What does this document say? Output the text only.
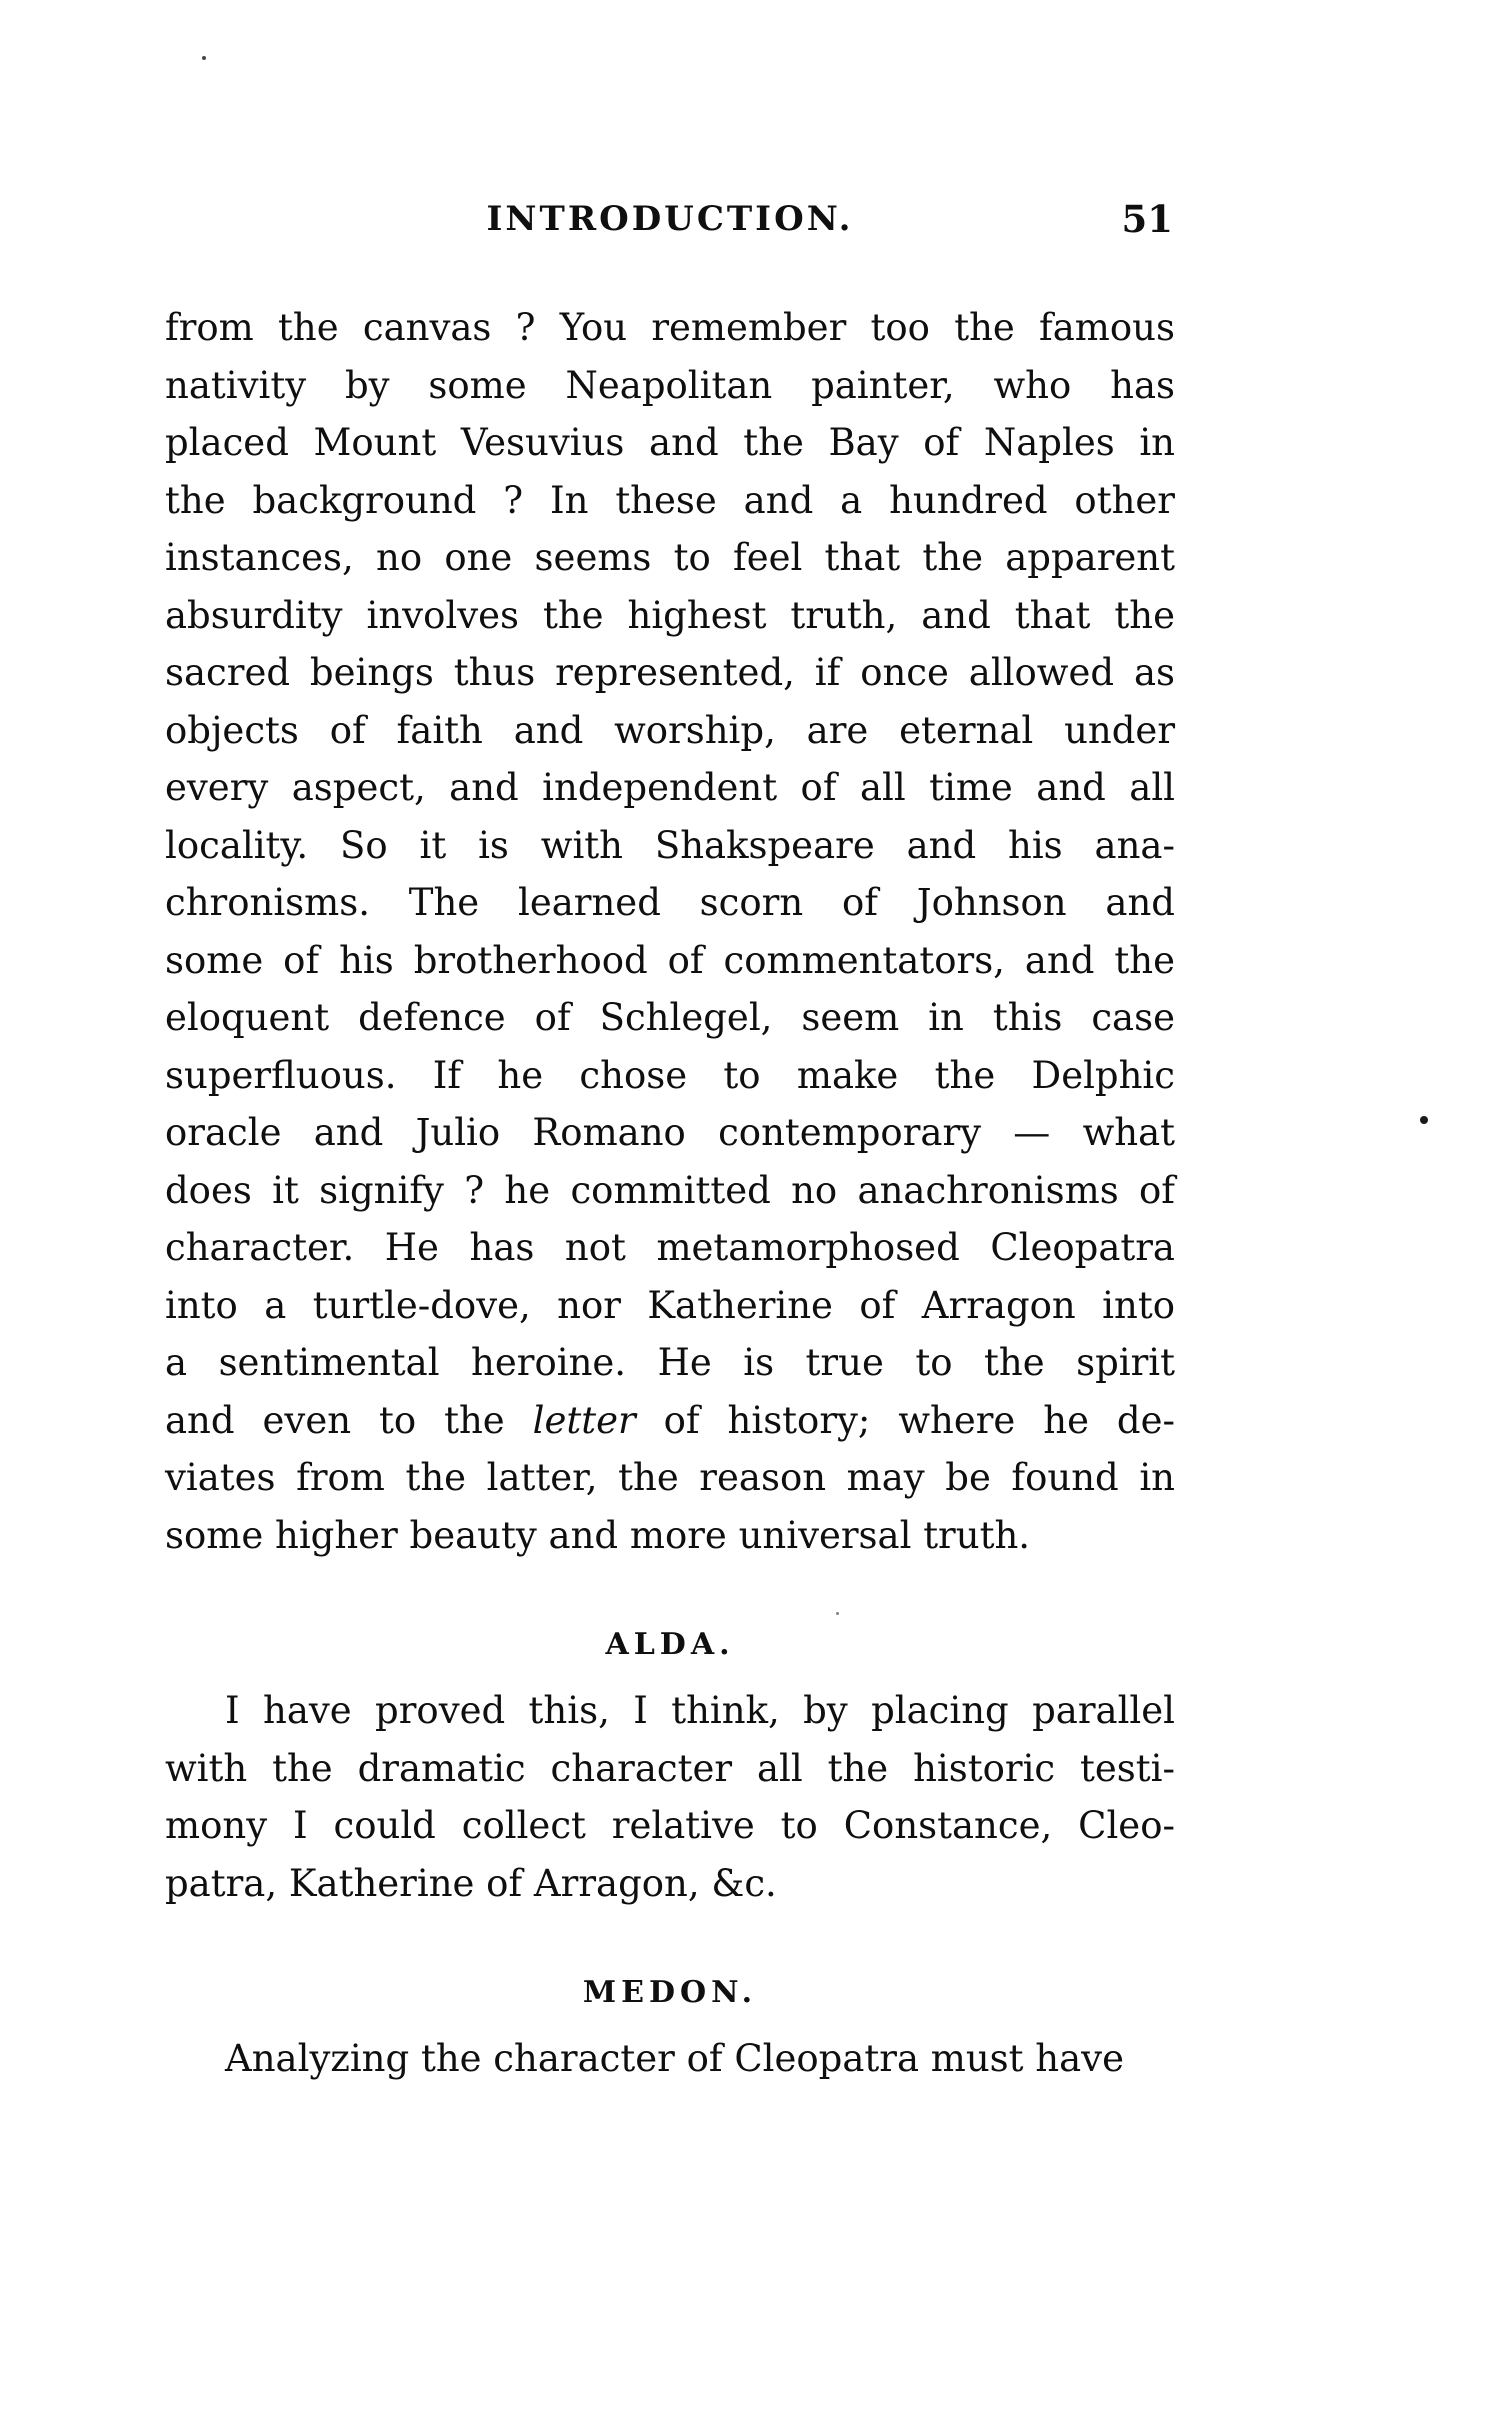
INTRODUCTION.	51
from the canvas ? You remember too the famous
nativity by some Neapolitan painter, who has
placed Mount Vesuvius and the Bay of Naples in
the background ? In these and a hundred other
instances, no one seems to feel that the apparent
absurdity involves the highest truth, and that the
sacred beings thus represented, if once allowed as
objects of faith and worship, are eternal under
every aspect, and independent of all time and all
locality. So it is with Shakspeare and his ana-
chronisms. The learned scorn of Johnson and
some of his brotherhood of commentators, and the
eloquent defence of Schlegel, seem in this case
superfluous. If he chose to make the Delphic
oracle and Julio Romano contemporary — what
does it signify ? he committed no anachronisms of
character. He has not metamorphosed Cleopatra
into a turtle-dove, nor Katherine of Arragon into
a sentimental heroine. He is true to the spirit
and even to the letter of history; where he de-
viates from the latter, the reason may be found in
some higher beauty and more universal truth.
ALDA.
I have proved this, I think, by placing parallel
with the dramatic character all the historic testi-
mony I could collect relative to Constance, Cleo-
patra, Katherine of Arragon, &c.
MEDON.
Analyzing the character of Cleopatra must have
